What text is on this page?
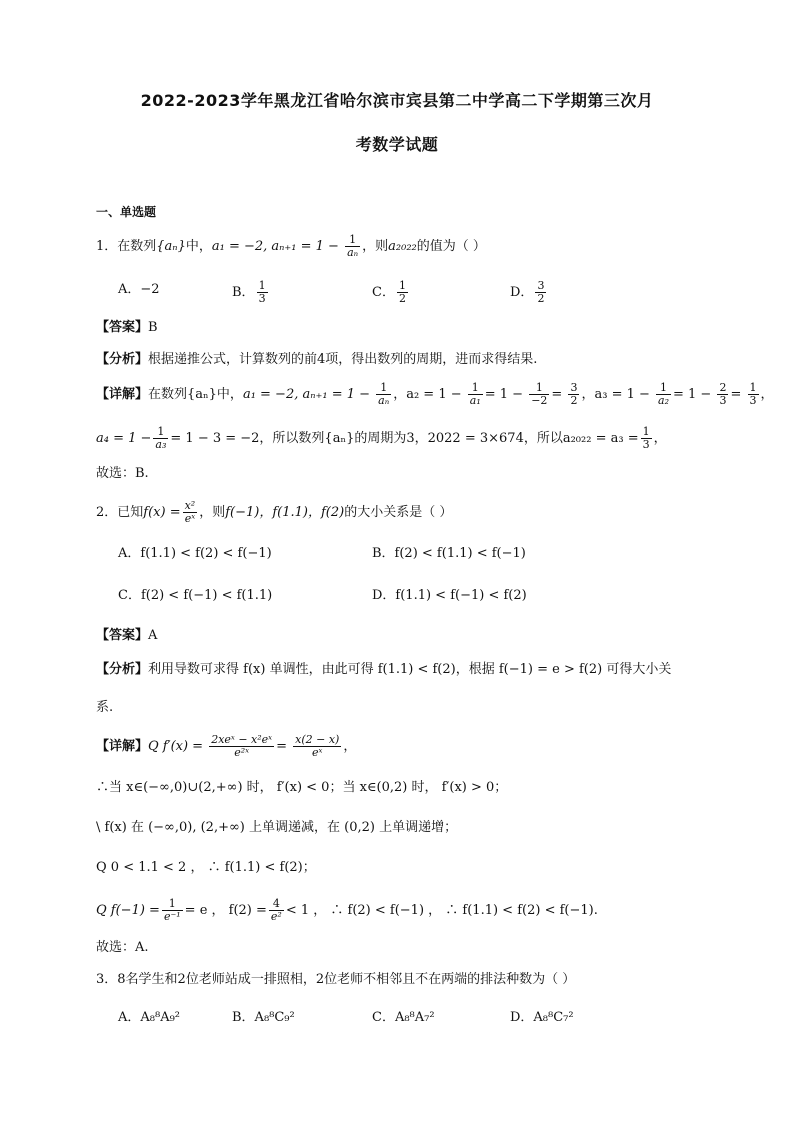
2022-2023学年黑龙江省哈尔滨市宾县第二中学高二下学期第三次月
考数学试题
一、单选题
1．在数列{aₙ}中，a₁ = −2, $a_{n+1} = 1 - \frac{1}{\text{aₙ}}$ ，则a₂₀₂₂的值为（ ）
A．−2	B． $\frac{1}{3}$	C． $\frac{1}{2}$	D． $\frac{3}{2}$
【答案】B
【分析】根据递推公式，计算数列的前4项，得出数列的周期，进而求得结果.
【详解】在数列{aₙ}中，a₁ = −2, $a_{n+1} = 1 - \frac{1}{\text{aₙ}}$ ，$a_2 = 1 - \frac{1}{\text{a₁}} = 1 - \frac{1}{-2} = \frac{3}{2}$ ，$a_3 = 1 - \frac{1}{\text{a₂}} = 1 - \frac{2}{3} = \frac{1}{3}$ ，
$a_4 = 1 - \frac{1}{\text{a₃}} = 1 - 3 = -2$，所以数列{aₙ}的周期为3，2022 = 3×674，所以$a_{2022} = a_3 = \frac{1}{3}$ ，
故选：B.
2．已知$f(x) = \frac{\text{x²}}{\text{eˣ}}$ ，则f(−1)，f(1.1)，f(2)的大小关系是（ ）
A．f(1.1) < f(2) < f(−1)	B．f(2) < f(1.1) < f(−1)
C．f(2) < f(−1) < f(1.1)	D．f(1.1) < f(−1) < f(2)
【答案】A
【分析】利用导数可求得 f(x) 单调性，由此可得 f(1.1) < f(2)，根据 f(−1) = e > f(2) 可得大小关
系.
【详解】Q $f'(x) = \frac{\text{2xeˣ − x²eˣ}}{\text{e²ˣ}} = \frac{x(2 - x)}{\text{eˣ}}$ ，
∴当 x∈(−∞,0)∪(2,+∞) 时， f′(x) < 0；当 x∈(0,2) 时， f′(x) > 0；
\ f(x) 在 (−∞,0), (2,+∞) 上单调递减，在 (0,2) 上单调递增；
Q 0 < 1.1 < 2 ， ∴ f(1.1) < f(2)；
Q $f(-1) = \frac{1}{\text{e⁻¹}} = e$ ， $f(2) = \frac{4}{\text{e²}} < 1$ ， ∴ f(2) < f(−1) ， ∴ f(1.1) < f(2) < f(−1).
故选：A.
3．8名学生和2位老师站成一排照相，2位老师不相邻且不在两端的排法种数为（ ）
A．A₈⁸A₉²	B．A₈⁸C₉²	C．A₈⁸A₇²	D．A₈⁸C₇²
